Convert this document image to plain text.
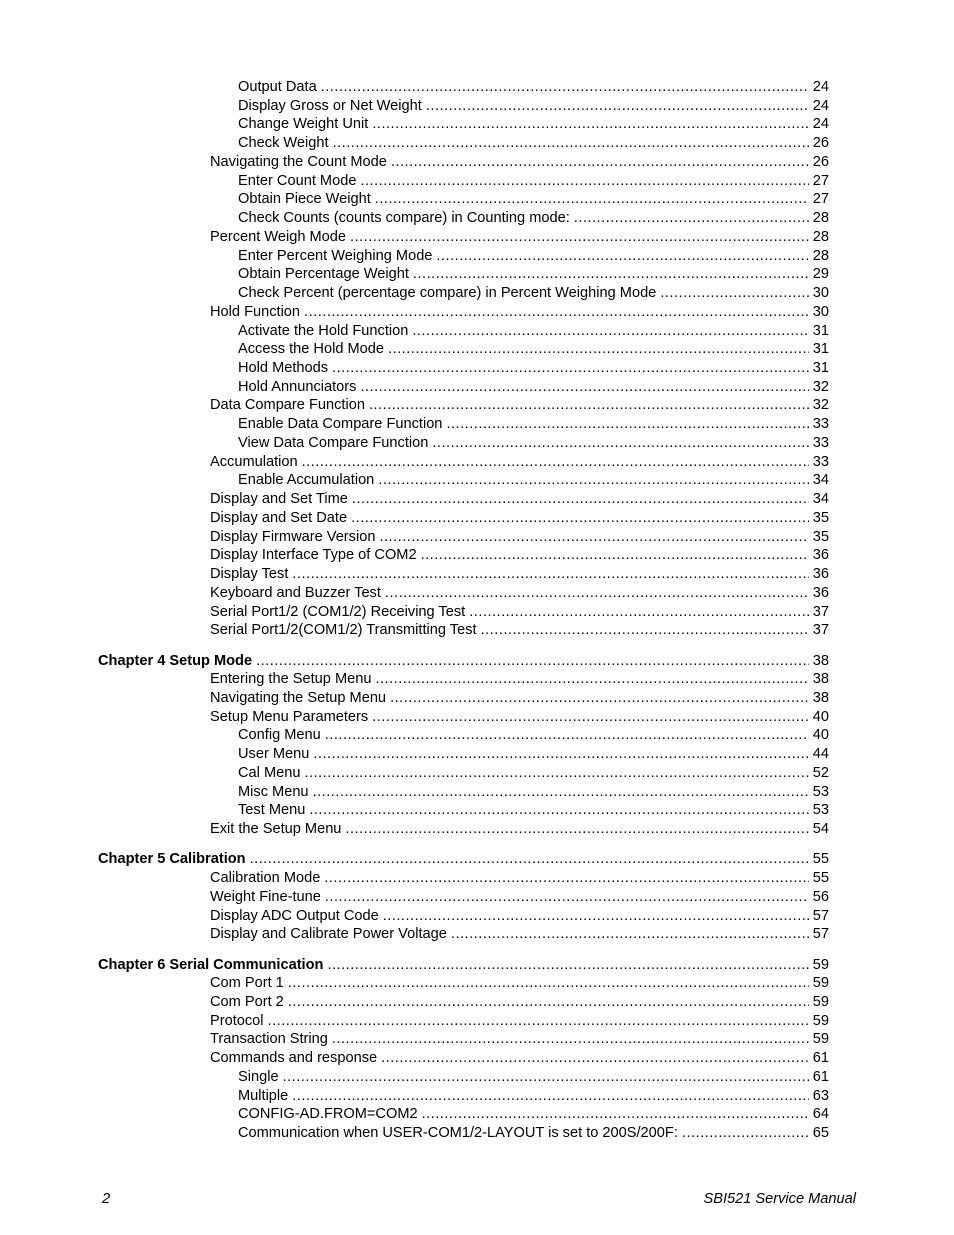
Output Data .....	24
Display Gross or Net Weight .....	24
Change Weight Unit .....	24
Check Weight .....	26
Navigating the Count Mode .....	26
Enter Count Mode .....	27
Obtain Piece Weight .....	27
Check Counts (counts compare) in Counting mode: .....	28
Percent Weigh Mode .....	28
Enter Percent Weighing Mode .....	28
Obtain Percentage Weight .....	29
Check Percent (percentage compare) in Percent Weighing Mode .....	30
Hold Function .....	30
Activate the Hold Function .....	31
Access the Hold Mode .....	31
Hold Methods .....	31
Hold Annunciators .....	32
Data Compare Function .....	32
Enable Data Compare Function .....	33
View Data Compare Function .....	33
Accumulation .....	33
Enable Accumulation .....	34
Display and Set Time .....	34
Display and Set Date .....	35
Display Firmware Version .....	35
Display Interface Type of COM2 .....	36
Display Test .....	36
Keyboard and Buzzer Test .....	36
Serial Port1/2 (COM1/2) Receiving Test .....	37
Serial Port1/2(COM1/2) Transmitting Test .....	37
Chapter 4 Setup Mode .....	38
Entering the Setup Menu .....	38
Navigating the Setup Menu .....	38
Setup Menu Parameters .....	40
Config Menu .....	40
User Menu .....	44
Cal Menu .....	52
Misc Menu .....	53
Test Menu .....	53
Exit the Setup Menu .....	54
Chapter 5 Calibration .....	55
Calibration Mode .....	55
Weight Fine-tune .....	56
Display ADC Output Code .....	57
Display and Calibrate Power Voltage .....	57
Chapter 6 Serial Communication .....	59
Com Port 1 .....	59
Com Port 2 .....	59
Protocol .....	59
Transaction String .....	59
Commands and response .....	61
Single .....	61
Multiple .....	63
CONFIG-AD.FROM=COM2 .....	64
Communication when USER-COM1/2-LAYOUT is set to 200S/200F: .....	65
2	SBI521 Service Manual
